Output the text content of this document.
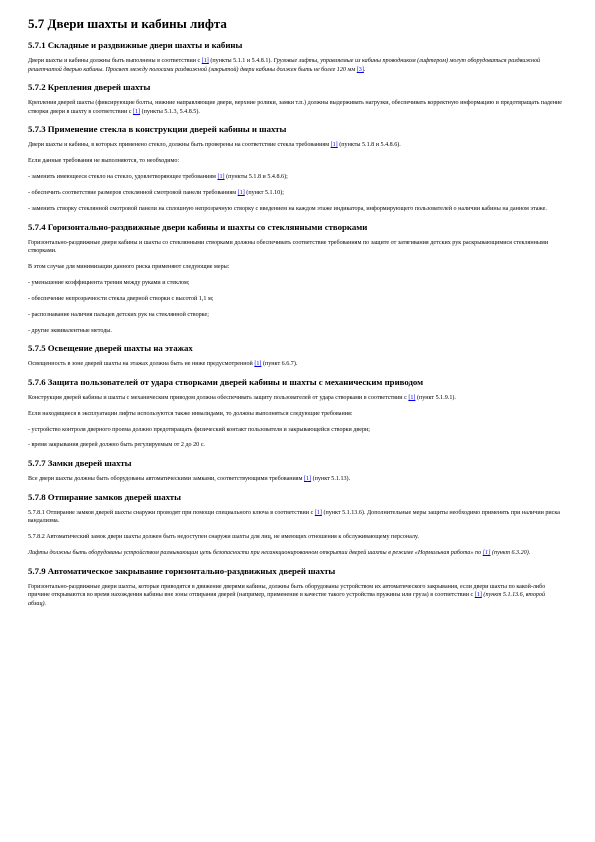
5.7 Двери шахты и кабины лифта
5.7.1 Складные и раздвижные двери шахты и кабины

Двери шахты и кабины должны быть выполнены в соответствии с [1] (пункты 5.1.1 и 5.4.8.1). Грузовые лифты, управляемые из кабины проводником (лифтером) могут оборудоваться раздвижной решетчатой дверью кабины. Просвет между полосами раздвижной (закрытой) двери кабины должен быть не более 120 мм [3].

5.7.2 Крепления дверей шахты

Крепления дверей шахты (фиксирующие болты, нижние направляющие двери, верхние ролики, замки т.п.) должны выдерживать нагрузки, обеспечивать корректную информацию и предотвращать падение створки двери в шахту в соответствии с [1] (пункты 5.1.3, 5.4.8.5).

5.7.3 Применение стекла в конструкции дверей кабины и шахты

Двери шахты и кабины, в которых применено стекло, должны быть проверены на соответствие стекла требованиям [1] (пункты 5.1.8 и 5.4.8.6).

Если данные требования не выполняются, то необходимо:

- заменить имеющееся стекло на стекло, удовлетворяющее требованиям [1] (пункты 5.1.8 и 5.4.8.6);

- обеспечить соответствие размеров стеклянной смотровой панели требованиям [1] (пункт 5.1.10);

- заменить створку стеклянной смотровой панели на сплошную непрозрачную створку с введением на каждом этаже индикатора, информирующего пользователей о наличии кабины на данном этаже.

5.7.4 Горизонтально-раздвижные двери кабины и шахты со стеклянными створками

Горизонтально-раздвижные двери кабины и шахты со стеклянными створками должны обеспечивать соответствие требованиям по защите от затягивания детских рук раскрывающимися стеклянными створками.

В этом случае для минимизации данного риска применяют следующие меры:

- уменьшение коэффициента трения между руками и стеклом;

- обеспечение непрозрачности стекла дверной створки с высотой 1,1 м;

- распознавание наличия пальцев детских рук на стеклянной створке;

- другие эквивалентные методы.

5.7.5 Освещение дверей шахты на этажах

Освещенность в зоне дверей шахты на этажах должна быть не ниже предусмотренной [1] (пункт 6.6.7).

5.7.6 Защита пользователей от удара створками дверей кабины и шахты с механическим приводом

Конструкция дверей кабины и шахты с механическим приводом должна обеспечивать защиту пользователей от удара створками в соответствии с [1] (пункт 5.1.9.1).

Если находящиеся в эксплуатации лифты используются также инвалидами, то должны выполняться следующие требования:

- устройство контроля дверного проема должно предотвращать физический контакт пользователя и закрывающейся створки двери;

- время закрывания дверей должно быть регулируемым от 2 до 20 с.

5.7.7 Замки дверей шахты

Все двери шахты должны быть оборудованы автоматическими замками, соответствующими требованиям [1] (пункт 5.1.13).

5.7.8 Отпирание замков дверей шахты

5.7.8.1 Отпирание замков дверей шахты снаружи проводят при помощи специального ключа в соответствии с [1] (пункт 5.1.13.6). Дополнительные меры защиты необходимо применять при наличии риска вандализма.

5.7.8.2 Автоматический замок двери шахты должен быть недоступен снаружи шахты для лиц, не имеющих отношения к обслуживающему персоналу.

Лифты должны быть оборудованы устройством размыкающим цепь безопасности при несанкционированном открытии дверей шахты в режиме «Нормальная работа» по [1] (пункт 6.3.20).

5.7.9 Автоматическое закрывание горизонтально-раздвижных дверей шахты

Горизонтально-раздвижные двери шахты, которые приводятся в движение дверями кабины, должны быть оборудованы устройством их автоматического закрывания, если двери шахты по какой-либо причине открываются во время нахождения кабины вне зоны отпирания дверей (например, применение в качестве такого устройства пружины или груза) в соответствии с [1] (пункт 5.1.13.6, второй абзац).
